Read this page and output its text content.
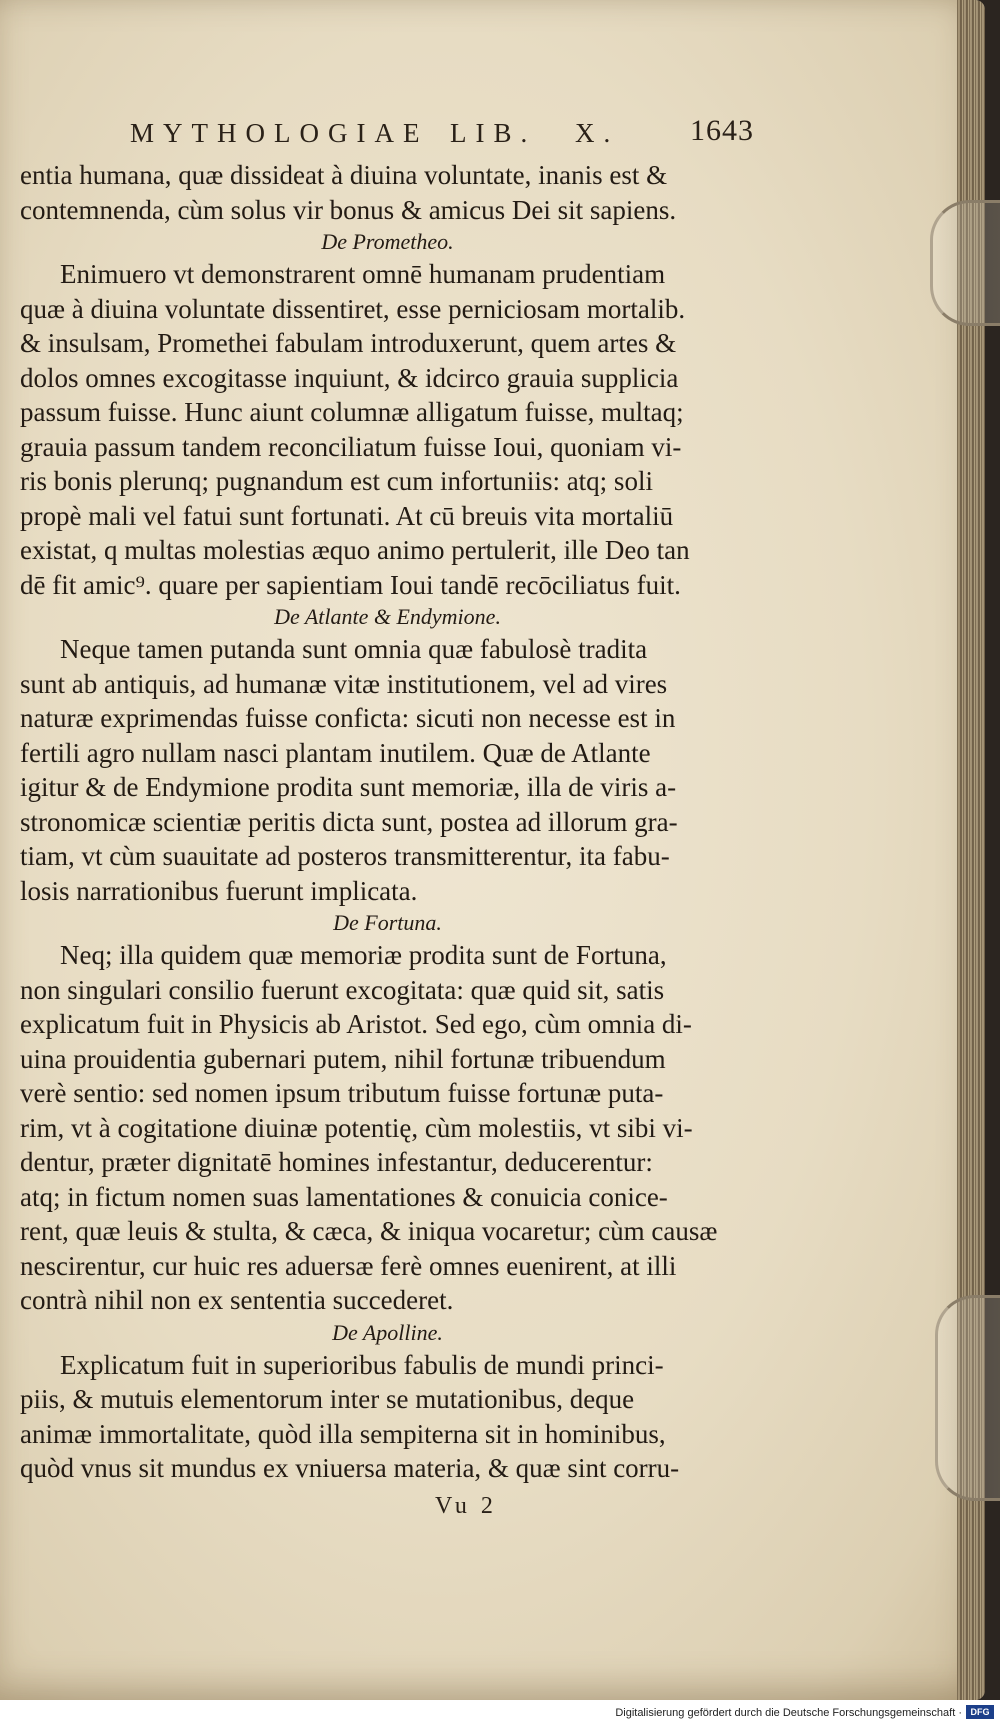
MYTHOLOGIAE LIB. X. 1643
entia humana, quæ dissideat à diuina voluntate, inanis est &
contemnenda, cùm solus vir bonus & amicus Dei sit sapiens.
De Prometheo.
Enimuero vt demonstrarent omnē humanam prudentiam
quæ à diuina voluntate dissentiret, esse perniciosam mortalib.
& insulsam, Promethei fabulam introduxerunt, quem artes &
dolos omnes excogitasse inquiunt, & idcirco grauia supplicia
passum fuisse. Hunc aiunt columnæ alligatum fuisse, multaq;
grauia passum tandem reconciliatum fuisse Ioui, quoniam vi-
ris bonis plerunq; pugnandum est cum infortuniis: atq; soli
propè mali vel fatui sunt fortunati. At cū breuis vita mortaliū
existat, q multas molestias æquo animo pertulerit, ille Deo tan
dē fit amic⁹. quare per sapientiam Ioui tandē recōciliatus fuit.
De Atlante & Endymione.
Neque tamen putanda sunt omnia quæ fabulosè tradita
sunt ab antiquis, ad humanæ vitæ institutionem, vel ad vires
naturæ exprimendas fuisse conficta: sicuti non necesse est in
fertili agro nullam nasci plantam inutilem. Quæ de Atlante
igitur & de Endymione prodita sunt memoriæ, illa de viris a-
stronomicæ scientiæ peritis dicta sunt, postea ad illorum gra-
tiam, vt cùm suauitate ad posteros transmitterentur, ita fabu-
losis narrationibus fuerunt implicata.
De Fortuna.
Neq; illa quidem quæ memoriæ prodita sunt de Fortuna,
non singulari consilio fuerunt excogitata: quæ quid sit, satis
explicatum fuit in Physicis ab Aristot. Sed ego, cùm omnia di-
uina prouidentia gubernari putem, nihil fortunæ tribuendum
verè sentio: sed nomen ipsum tributum fuisse fortunæ puta-
rim, vt à cogitatione diuinæ potentię, cùm molestiis, vt sibi vi-
dentur, præter dignitatē homines infestantur, deducerentur:
atq; in fictum nomen suas lamentationes & conuicia conice-
rent, quæ leuis & stulta, & cæca, & iniqua vocaretur; cùm causæ
nescirentur, cur huic res aduersæ ferè omnes euenirent, at illi
contrà nihil non ex sententia succederet.
De Apolline.
Explicatum fuit in superioribus fabulis de mundi princi-
piis, & mutuis elementorum inter se mutationibus, deque
animæ immortalitate, quòd illa sempiterna sit in hominibus,
quòd vnus sit mundus ex vniuersa materia, & quæ sint corru-
Vu 2
Digitalisierung gefördert durch die Deutsche Forschungsgemeinschaft · DFG
